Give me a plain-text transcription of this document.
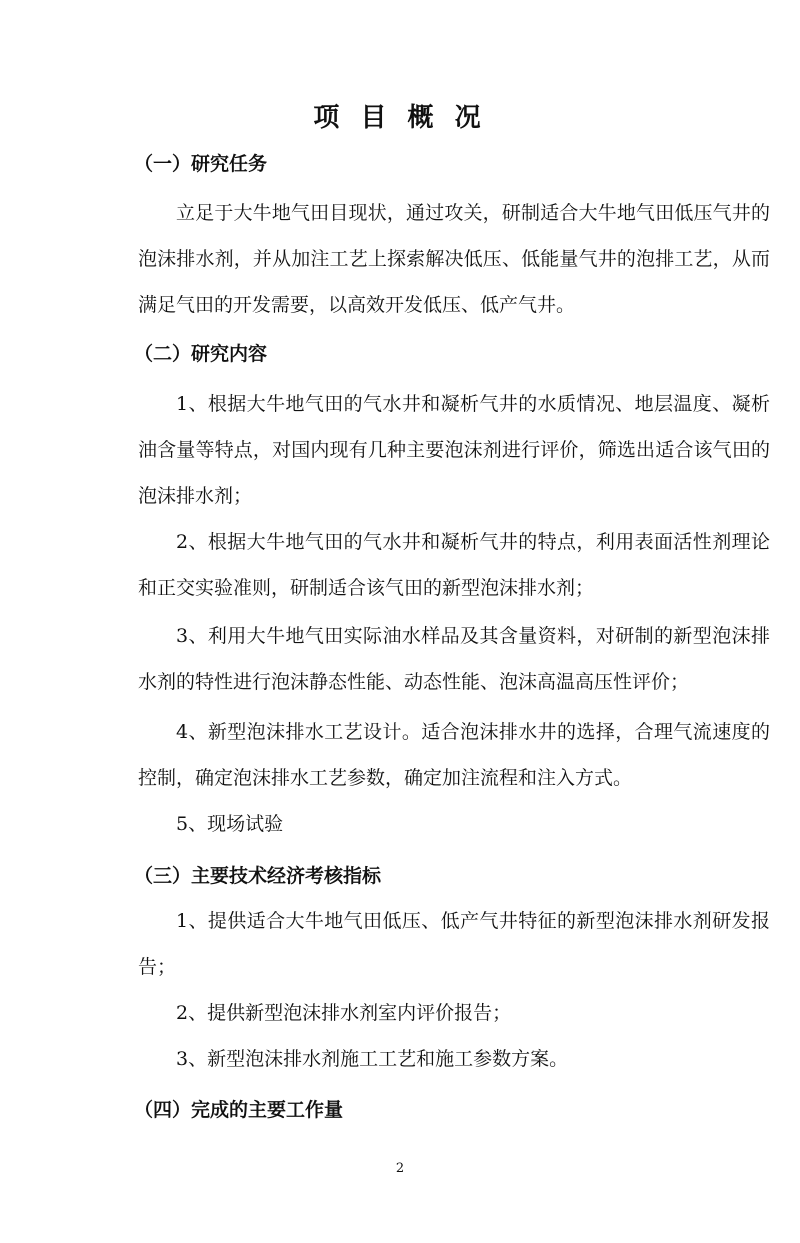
项 目 概 况
（一）研究任务

立足于大牛地气田目现状，通过攻关，研制适合大牛地气田低压气井的泡沫排水剂，并从加注工艺上探索解决低压、低能量气井的泡排工艺，从而满足气田的开发需要，以高效开发低压、低产气井。

（二）研究内容

1、根据大牛地气田的气水井和凝析气井的水质情况、地层温度、凝析油含量等特点，对国内现有几种主要泡沫剂进行评价，筛选出适合该气田的泡沫排水剂；

2、根据大牛地气田的气水井和凝析气井的特点，利用表面活性剂理论和正交实验准则，研制适合该气田的新型泡沫排水剂；

3、利用大牛地气田实际油水样品及其含量资料，对研制的新型泡沫排水剂的特性进行泡沫静态性能、动态性能、泡沫高温高压性评价；

4、新型泡沫排水工艺设计。适合泡沫排水井的选择，合理气流速度的控制，确定泡沫排水工艺参数，确定加注流程和注入方式。

5、现场试验
（三）主要技术经济考核指标

1、提供适合大牛地气田低压、低产气井特征的新型泡沫排水剂研发报告；

2、提供新型泡沫排水剂室内评价报告；
3、新型泡沫排水剂施工工艺和施工参数方案。
（四）完成的主要工作量
2
